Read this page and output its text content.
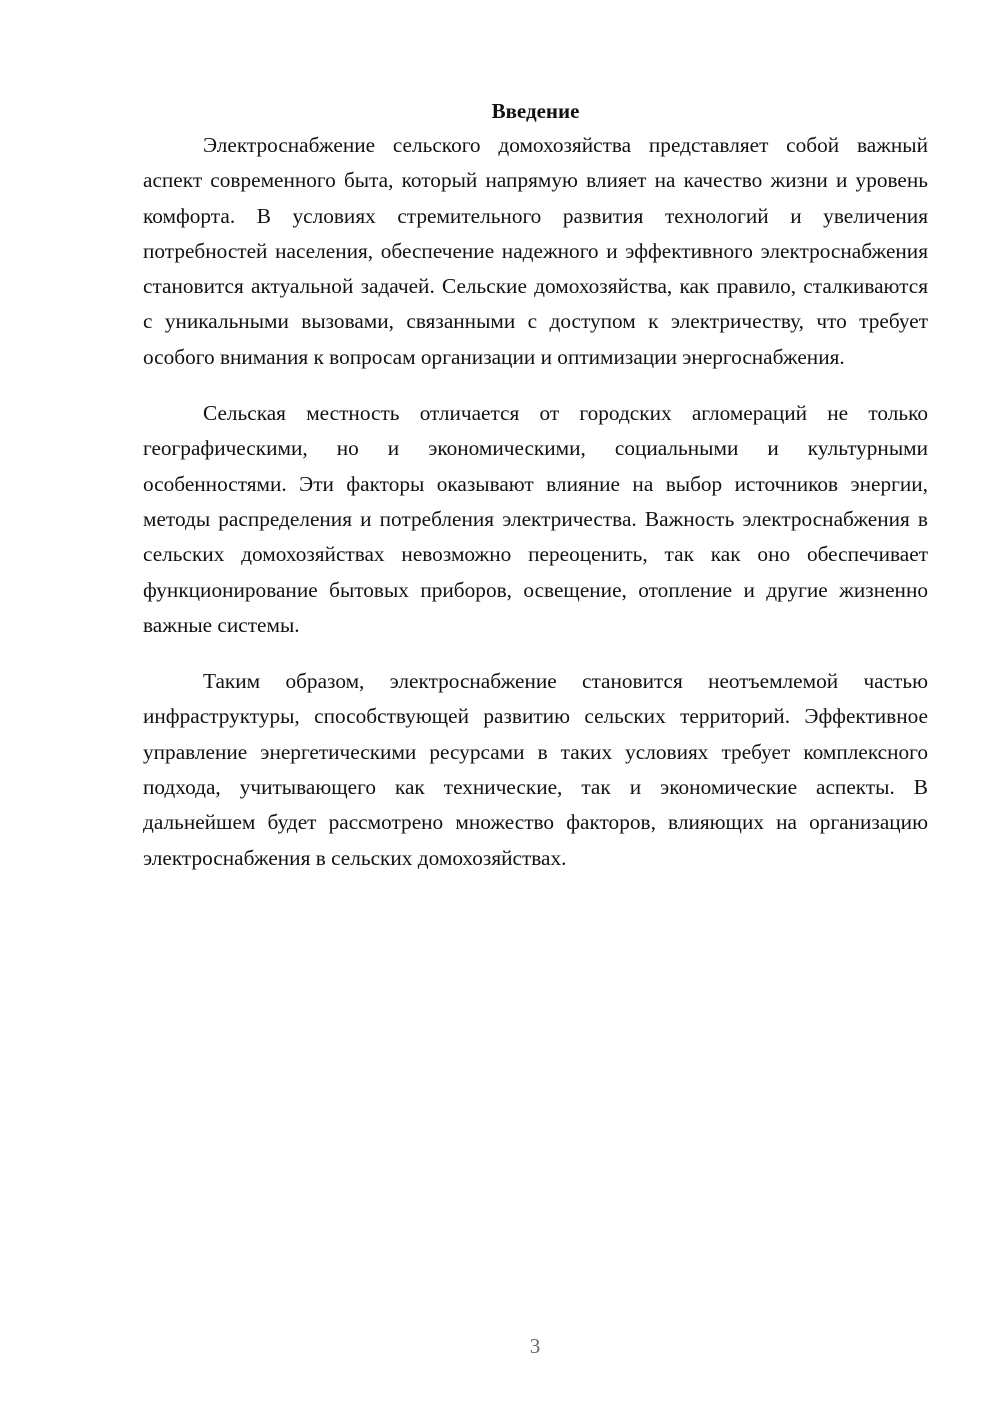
Введение

Электроснабжение сельского домохозяйства представляет собой важный аспект современного быта, который напрямую влияет на качество жизни и уровень комфорта. В условиях стремительного развития технологий и увеличения потребностей населения, обеспечение надежного и эффективного электроснабжения становится актуальной задачей. Сельские домохозяйства, как правило, сталкиваются с уникальными вызовами, связанными с доступом к электричеству, что требует особого внимания к вопросам организации и оптимизации энергоснабжения.

Сельская местность отличается от городских агломераций не только географическими, но и экономическими, социальными и культурными особенностями. Эти факторы оказывают влияние на выбор источников энергии, методы распределения и потребления электричества. Важность электроснабжения в сельских домохозяйствах невозможно переоценить, так как оно обеспечивает функционирование бытовых приборов, освещение, отопление и другие жизненно важные системы.

Таким образом, электроснабжение становится неотъемлемой частью инфраструктуры, способствующей развитию сельских территорий. Эффективное управление энергетическими ресурсами в таких условиях требует комплексного подхода, учитывающего как технические, так и экономические аспекты. В дальнейшем будет рассмотрено множество факторов, влияющих на организацию электроснабжения в сельских домохозяйствах.

3
